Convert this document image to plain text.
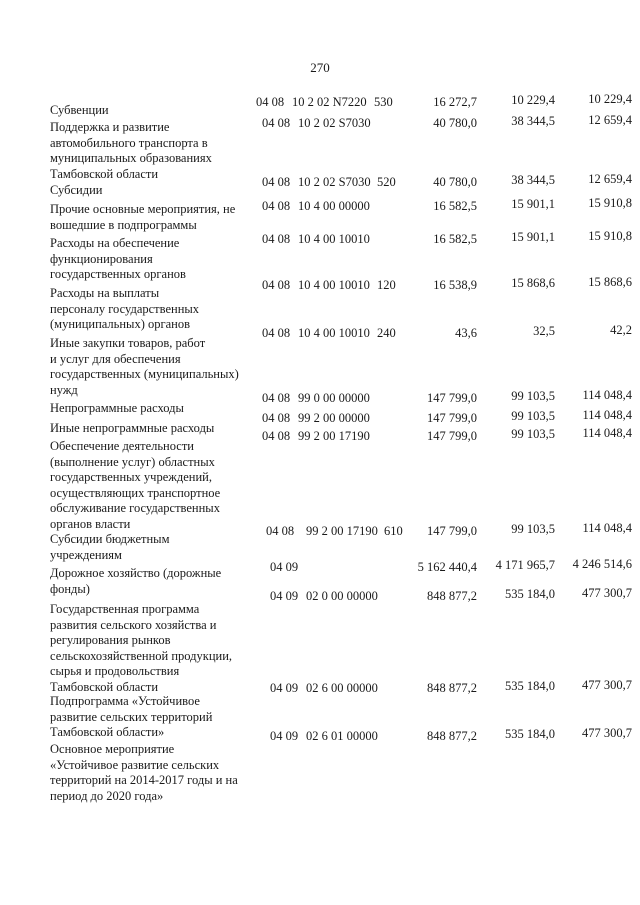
270
Субвенции
04 08 10 2 02 N7220 530	16 272,7	10 229,4	10 229,4
Поддержка и развитие
автомобильного транспорта в
муниципальных образованиях
Тамбовской области
04 08 10 2 02 S7030	40 780,0	38 344,5	12 659,4
Субсидии
04 08 10 2 02 S7030 520	40 780,0	38 344,5	12 659,4
Прочие основные мероприятия, не
вошедшие в подпрограммы
04 08 10 4 00 00000	16 582,5	15 901,1	15 910,8
Расходы на обеспечение
функционирования
государственных органов
04 08 10 4 00 10010	16 582,5	15 901,1	15 910,8
Расходы на выплаты
персоналу государственных
(муниципальных) органов
04 08 10 4 00 10010 120	16 538,9	15 868,6	15 868,6
Иные закупки товаров, работ
и услуг для обеспечения
государственных (муниципальных)
нужд
04 08 10 4 00 10010 240	43,6	32,5	42,2
Непрограммные расходы
04 08 99 0 00 00000	147 799,0	99 103,5	114 048,4
Иные непрограммные расходы
04 08 99 2 00 00000	147 799,0	99 103,5	114 048,4
Обеспечение деятельности
(выполнение услуг) областных
государственных учреждений,
осуществляющих транспортное
обслуживание государственных
органов власти
04 08 99 2 00 17190	147 799,0	99 103,5	114 048,4
Субсидии бюджетным
учреждениям
04 08 99 2 00 17190 610	147 799,0	99 103,5	114 048,4
Дорожное хозяйство (дорожные
фонды)
04 09	5 162 440,4	4 171 965,7	4 246 514,6
Государственная программа
развития сельского хозяйства и
регулирования рынков
сельскохозяйственной продукции,
сырья и продовольствия
Тамбовской области
04 09 02 0 00 00000	848 877,2	535 184,0	477 300,7
Подпрограмма «Устойчивое
развитие сельских территорий
Тамбовской области»
04 09 02 6 00 00000	848 877,2	535 184,0	477 300,7
Основное мероприятие
«Устойчивое развитие сельских
территорий на 2014-2017 годы и на
период до 2020 года»
04 09 02 6 01 00000	848 877,2	535 184,0	477 300,7
